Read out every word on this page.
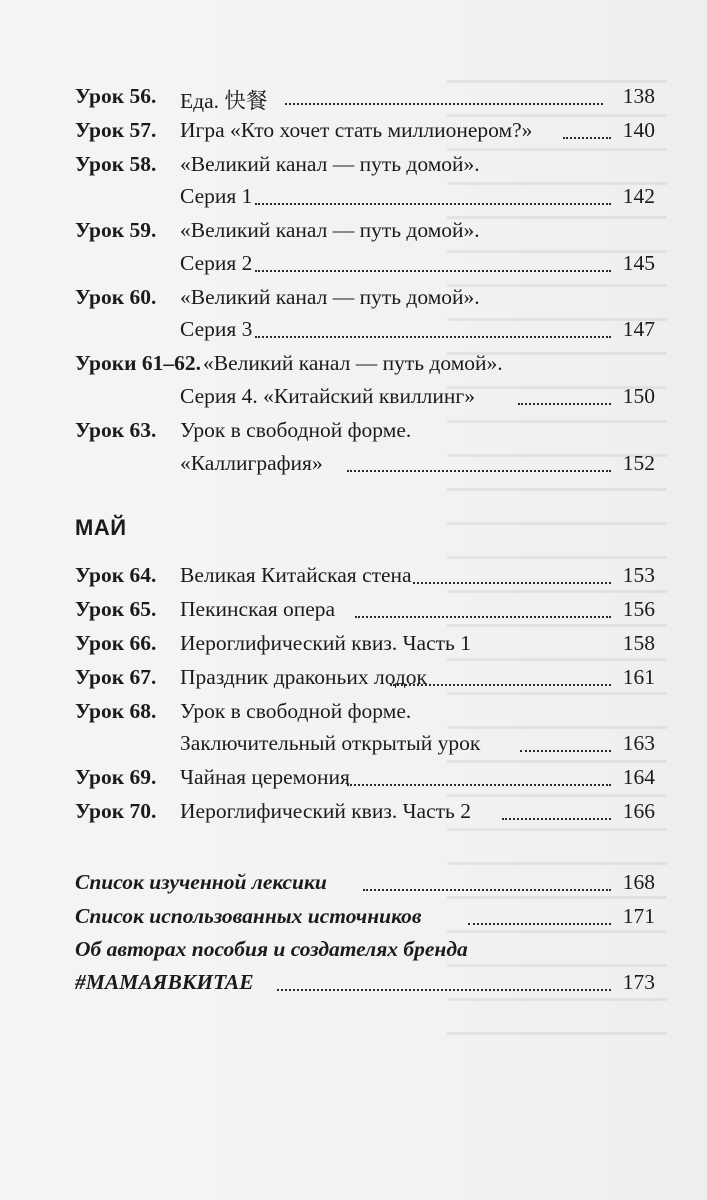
Урок 56. Еда. 快餐	138
Урок 57. Игра «Кто хочет стать миллионером?»	140
Урок 58. «Великий канал — путь домой».
Серия 1	142
Урок 59. «Великий канал — путь домой».
Серия 2	145
Урок 60. «Великий канал — путь домой».
Серия 3	147
Уроки 61–62. «Великий канал — путь домой».
Серия 4. «Китайский квиллинг»	150
Урок 63. Урок в свободной форме.
«Каллиграфия»	152
Урок 64. Великая Китайская стена	153
Урок 65. Пекинская опера	156
Урок 66. Иероглифический квиз. Часть 1	158
Урок 67. Праздник драконьих лодок	161
Урок 68. Урок в свободной форме.
Заключительный открытый урок	163
Урок 69. Чайная церемония	164
Урок 70. Иероглифический квиз. Часть 2	166
Список изученной лексики	168
Список использованных источников	171
Об авторах пособия и создателях бренда
#МАМАЯВКИТАЕ	173
МАЙ
